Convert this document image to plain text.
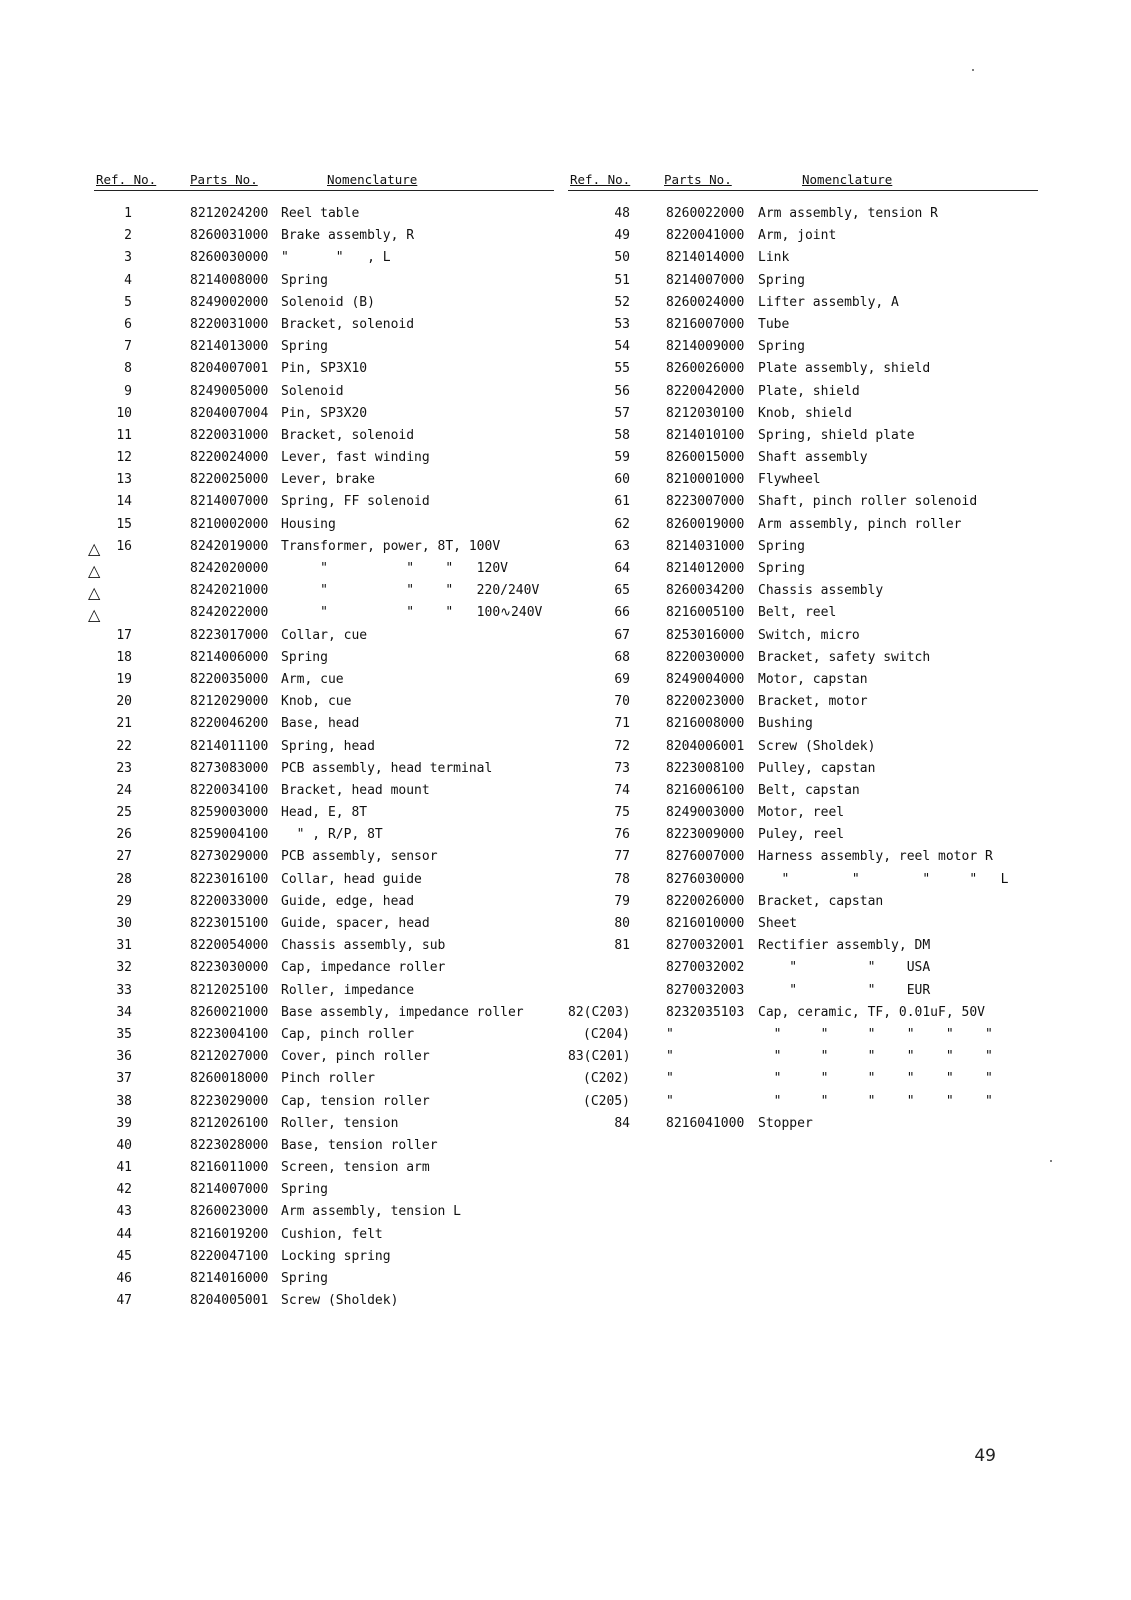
Ref. No.	Parts No.	Nomenclature
1	8212024200 Reel table
2	8260031000 Brake assembly, R
3	8260030000 "      "   , L
4	8214008000 Spring
5	8249002000 Solenoid (B)
6	8220031000 Bracket, solenoid
7	8214013000 Spring
8	8204007001 Pin, SP3X10
9	8249005000 Solenoid
10	8204007004 Pin, SP3X20
11	8220031000 Bracket, solenoid
12	8220024000 Lever, fast winding
13	8220025000 Lever, brake
14	8214007000 Spring, FF solenoid
15	8210002000 Housing
△	16	8242019000 Transformer, power, 8T, 100V
△	8242020000 "          "    "   120V
△	8242021000 "          "    "   220/240V
△	8242022000 "          "    "   100∿240V
17	8223017000 Collar, cue
18	8214006000 Spring
19	8220035000 Arm, cue
20	8212029000 Knob, cue
21	8220046200 Base, head
22	8214011100 Spring, head
23	8273083000 PCB assembly, head terminal
24	8220034100 Bracket, head mount
25	8259003000 Head, E, 8T
26	8259004100 " , R/P, 8T
27	8273029000 PCB assembly, sensor
28	8223016100 Collar, head guide
29	8220033000 Guide, edge, head
30	8223015100 Guide, spacer, head
31	8220054000 Chassis assembly, sub
32	8223030000 Cap, impedance roller
33	8212025100 Roller, impedance
34	8260021000 Base assembly, impedance roller
35	8223004100 Cap, pinch roller
36	8212027000 Cover, pinch roller
37	8260018000 Pinch roller
38	8223029000 Cap, tension roller
39	8212026100 Roller, tension
40	8223028000 Base, tension roller
41	8216011000 Screen, tension arm
42	8214007000 Spring
43	8260023000 Arm assembly, tension L
44	8216019200 Cushion, felt
45	8220047100 Locking spring
46	8214016000 Spring
47	8204005001 Screw (Sholdek)
Ref. No.	Parts No.	Nomenclature
48	8260022000 Arm assembly, tension R
49	8220041000 Arm, joint
50	8214014000 Link
51	8214007000 Spring
52	8260024000 Lifter assembly, A
53	8216007000 Tube
54	8214009000 Spring
55	8260026000 Plate assembly, shield
56	8220042000 Plate, shield
57	8212030100 Knob, shield
58	8214010100 Spring, shield plate
59	8260015000 Shaft assembly
60	8210001000 Flywheel
61	8223007000 Shaft, pinch roller solenoid
62	8260019000 Arm assembly, pinch roller
63	8214031000 Spring
64	8214012000 Spring
65	8260034200 Chassis assembly
66	8216005100 Belt, reel
67	8253016000 Switch, micro
68	8220030000 Bracket, safety switch
69	8249004000 Motor, capstan
70	8220023000 Bracket, motor
71	8216008000 Bushing
72	8204006001 Screw (Sholdek)
73	8223008100 Pulley, capstan
74	8216006100 Belt, capstan
75	8249003000 Motor, reel
76	8223009000 Puley, reel
77	8276007000 Harness assembly, reel motor R
78	8276030000 "        "        "     "   L
79	8220026000 Bracket, capstan
80	8216010000 Sheet
81	8270032001 Rectifier assembly, DM
8270032002 "         "    USA
8270032003 "         "    EUR
82(C203)	8232035103 Cap, ceramic, TF, 0.01uF, 50V
(C204)	"	"     "     "    "    "    "
83(C201)	"	"     "     "    "    "    "
(C202)	"	"     "     "    "    "    "
(C205)	"	"     "     "    "    "    "
84	8216041000 Stopper
49
